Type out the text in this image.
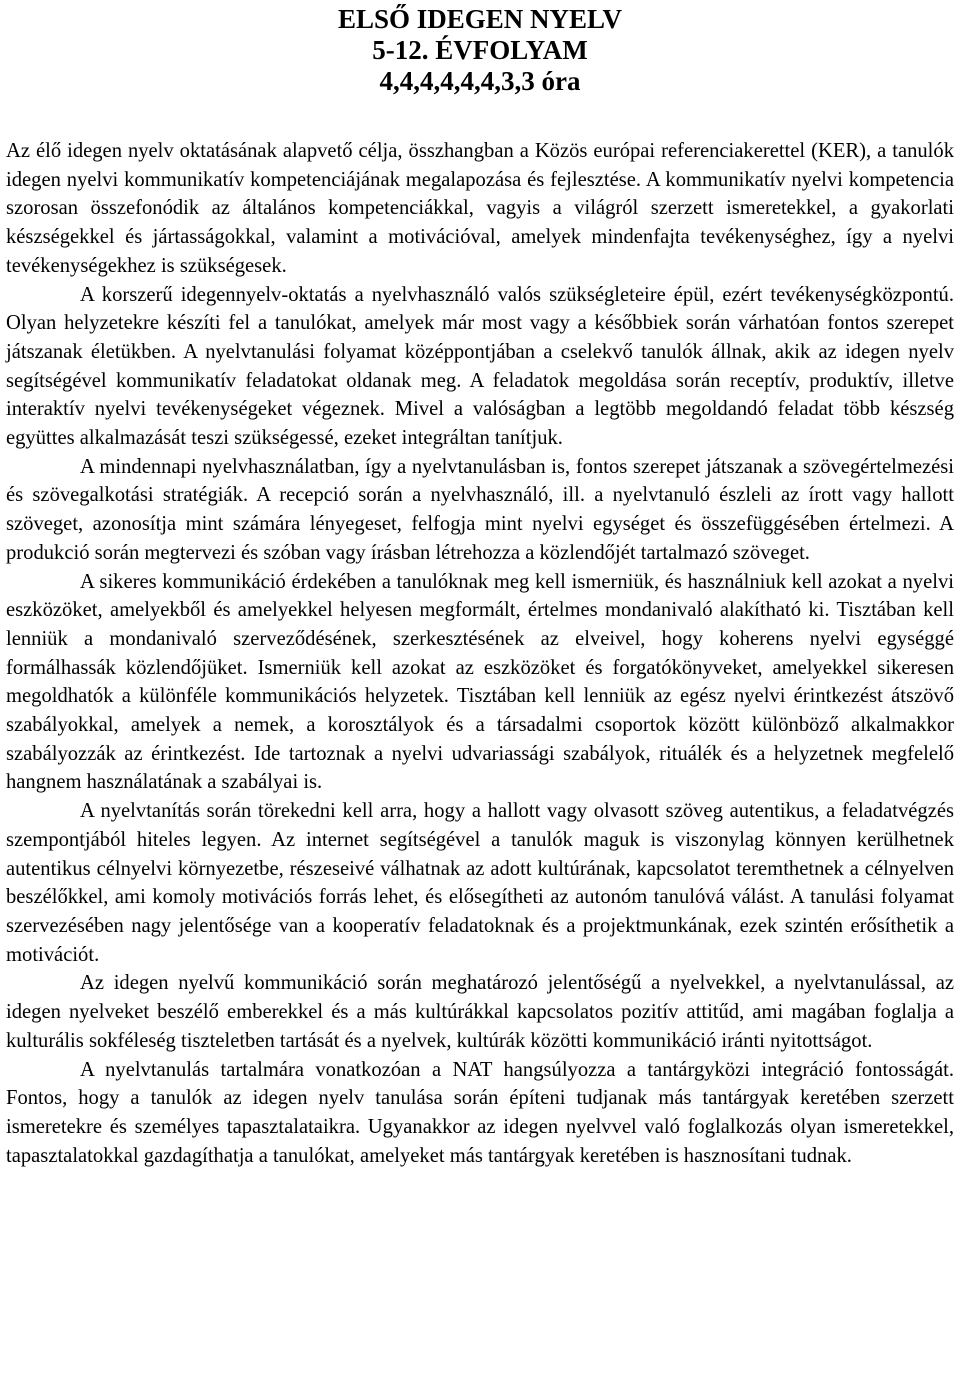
ELSŐ IDEGEN NYELV
5-12. ÉVFOLYAM
4,4,4,4,4,4,3,3 óra

Az élő idegen nyelv oktatásának alapvető célja, összhangban a Közös európai referenciakerettel (KER), a tanulók idegen nyelvi kommunikatív kompetenciájának megalapozása és fejlesztése. A kommunikatív nyelvi kompetencia szorosan összefonódik az általános kompetenciákkal, vagyis a világról szerzett ismeretekkel, a gyakorlati készségekkel és jártasságokkal, valamint a motivációval, amelyek mindenfajta tevékenységhez, így a nyelvi tevékenységekhez is szükségesek.

A korszerű idegennyelv-oktatás a nyelvhasználó valós szükségleteire épül, ezért tevékenységközpontú. Olyan helyzetekre készíti fel a tanulókat, amelyek már most vagy a későbbiek során várhatóan fontos szerepet játszanak életükben. A nyelvtanulási folyamat középpontjában a cselekvő tanulók állnak, akik az idegen nyelv segítségével kommunikatív feladatokat oldanak meg. A feladatok megoldása során receptív, produktív, illetve interaktív nyelvi tevékenységeket végeznek. Mivel a valóságban a legtöbb megoldandó feladat több készség együttes alkalmazását teszi szükségessé, ezeket integráltan tanítjuk.

A mindennapi nyelvhasználatban, így a nyelvtanulásban is, fontos szerepet játszanak a szövegértelmezési és szövegalkotási stratégiák. A recepció során a nyelvhasználó, ill. a nyelvtanuló észleli az írott vagy hallott szöveget, azonosítja mint számára lényegeset, felfogja mint nyelvi egységet és összefüggésében értelmezi. A produkció során megtervezi és szóban vagy írásban létrehozza a közlendőjét tartalmazó szöveget.

A sikeres kommunikáció érdekében a tanulóknak meg kell ismerniük, és használniuk kell azokat a nyelvi eszközöket, amelyekből és amelyekkel helyesen megformált, értelmes mondanivaló alakítható ki. Tisztában kell lenniük a mondanivaló szerveződésének, szerkesztésének az elveivel, hogy koherens nyelvi egységgé formálhassák közlendőjüket. Ismerniük kell azokat az eszközöket és forgatókönyveket, amelyekkel sikeresen megoldhatók a különféle kommunikációs helyzetek. Tisztában kell lenniük az egész nyelvi érintkezést átszövő szabályokkal, amelyek a nemek, a korosztályok és a társadalmi csoportok között különböző alkalmakkor szabályozzák az érintkezést. Ide tartoznak a nyelvi udvariassági szabályok, rituálék és a helyzetnek megfelelő hangnem használatának a szabályai is.

A nyelvtanítás során törekedni kell arra, hogy a hallott vagy olvasott szöveg autentikus, a feladatvégzés szempontjából hiteles legyen. Az internet segítségével a tanulók maguk is viszonylag könnyen kerülhetnek autentikus célnyelvi környezetbe, részeseivé válhatnak az adott kultúrának, kapcsolatot teremthetnek a célnyelven beszélőkkel, ami komoly motivációs forrás lehet, és elősegítheti az autonóm tanulóvá válást. A tanulási folyamat szervezésében nagy jelentősége van a kooperatív feladatoknak és a projektmunkának, ezek szintén erősíthetik a motivációt.

Az idegen nyelvű kommunikáció során meghatározó jelentőségű a nyelvekkel, a nyelvtanulással, az idegen nyelveket beszélő emberekkel és a más kultúrákkal kapcsolatos pozitív attitűd, ami magában foglalja a kulturális sokféleség tiszteletben tartását és a nyelvek, kultúrák közötti kommunikáció iránti nyitottságot.

A nyelvtanulás tartalmára vonatkozóan a NAT hangsúlyozza a tantárgyközi integráció fontosságát. Fontos, hogy a tanulók az idegen nyelv tanulása során építeni tudjanak más tantárgyak keretében szerzett ismeretekre és személyes tapasztalataikra. Ugyanakkor az idegen nyelvvel való foglalkozás olyan ismeretekkel, tapasztalatokkal gazdagíthatja a tanulókat, amelyeket más tantárgyak keretében is hasznosítani tudnak.
